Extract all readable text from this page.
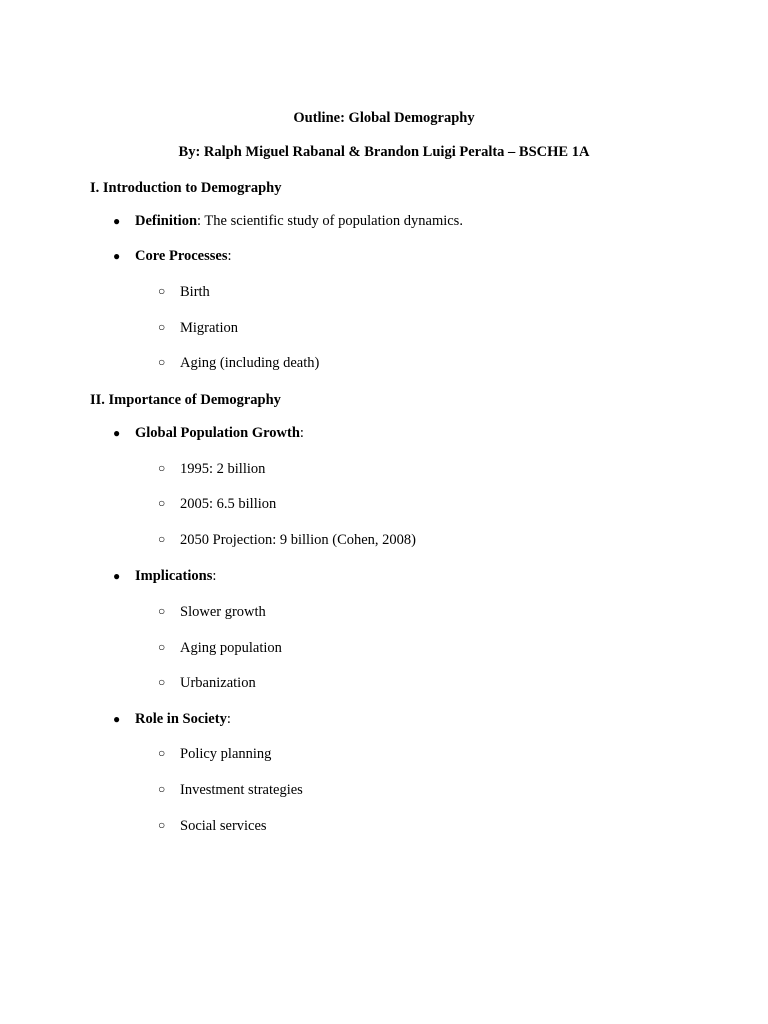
Outline: Global Demography
By: Ralph Miguel Rabanal & Brandon Luigi Peralta – BSCHE 1A
I. Introduction to Demography
● Definition: The scientific study of population dynamics.
● Core Processes:
○ Birth
○ Migration
○ Aging (including death)
II. Importance of Demography
● Global Population Growth:
○ 1995: 2 billion
○ 2005: 6.5 billion
○ 2050 Projection: 9 billion (Cohen, 2008)
● Implications:
○ Slower growth
○ Aging population
○ Urbanization
● Role in Society:
○ Policy planning
○ Investment strategies
○ Social services
